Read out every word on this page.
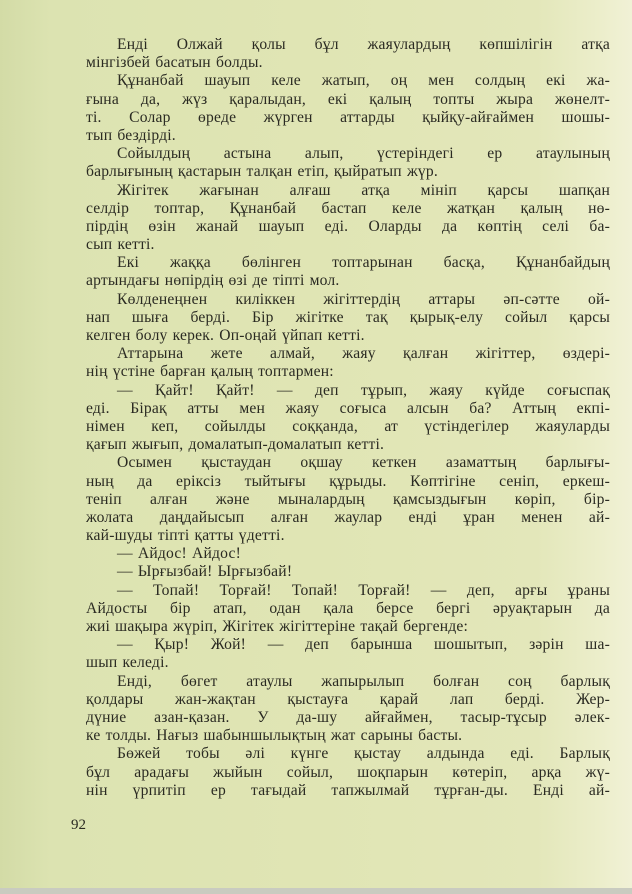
Енді Олжай қолы бұл жаяулардың көпшілігін атқа
мінгізбей басатын болды.
Құнанбай шауып келе жатып, оң мен солдың екі жа-
ғына да, жүз қаралыдан, екі қалың топты жыра жөнелт-
ті. Солар өреде жүрген аттарды қыйқу-айғаймен шошы-
тып бездірді.
Сойылдың астына алып, үстеріндегі ер атаулының
барлығының қастарын талқан етіп, қыйратып жүр.
Жігітек жағынан алғаш атқа мініп қарсы шапқан
селдір топтар, Құнанбай бастап келе жатқан қалың нө-
пірдің өзін жанай шауып еді. Оларды да көптің селі ба-
сып кетті.
Екі жаққа бөлінген топтарынан басқа, Құнанбайдың
артындағы нөпірдің өзі де тіпті мол.
Көлденеңнен киліккен жігіттердің аттары әп-сәтте ой-
нап шыға берді. Бір жігітке тақ қырық-елу сойыл қарсы
келген болу керек. Оп-оңай үйпап кетті.
Аттарына жете алмай, жаяу қалған жігіттер, өздері-
нің үстіне барған қалың топтармен:
— Қайт! Қайт! — деп тұрып, жаяу күйде соғыспақ
еді. Бірақ атты мен жаяу соғыса алсын ба? Аттың екпі-
німен кеп, сойылды соққанда, ат үстіндегілер жаяуларды
қағып жығып, домалатып-домалатып кетті.
Осымен қыстаудан оқшау кеткен азаматтың барлығы-
ның да еріксіз тыйтығы құрыды. Көптігіне сеніп, еркеш-
теніп алған және мыналардың қамсыздығын көріп, бір-
жолата даңдайысып алған жаулар енді ұран менен ай-
кай-шуды тіпті қатты үдетті.
— Айдос! Айдос!
— Ырғызбай! Ырғызбай!
— Топай! Торғай! Топай! Торғай! — деп, арғы ұраны
Айдосты бір атап, одан қала берсе бергі әруақтарын да
жиі шақыра жүріп, Жігітек жігіттеріне тақай бергенде:
— Қыр! Жой! — деп барынша шошытып, зәрін ша-
шып келеді.
Енді, бөгет атаулы жапырылып болған соң барлық
қолдары жан-жақтан қыстауға қарай лап берді. Жер-
дүние азан-қазан. У да-шу айғаймен, тасыр-тұсыр әлек-
ке толды. Нағыз шабыншылықтың жат сарыны басты.
Бөжей тобы әлі күнге қыстау алдында еді. Барлық
бұл арадағы жыйын сойыл, шоқпарын көтеріп, арқа жү-
нін үрпитіп ер тағыдай тапжылмай тұрған-ды. Енді ай-
92
